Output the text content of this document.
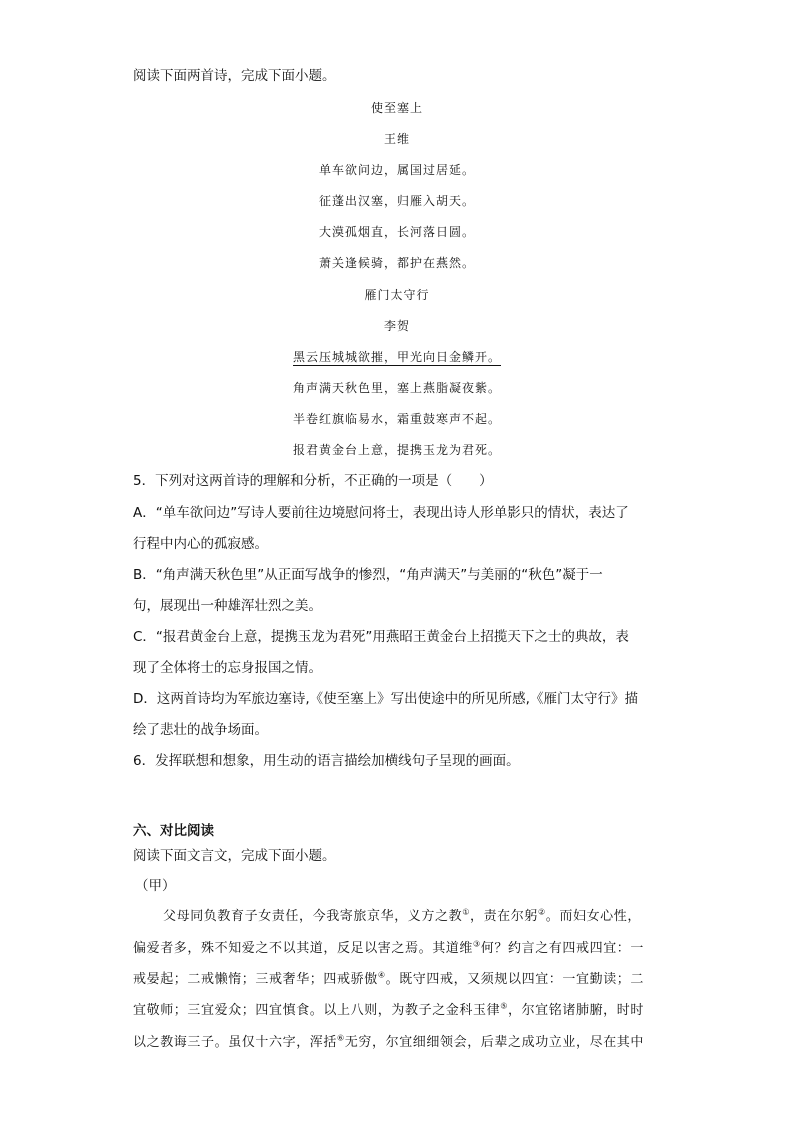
阅读下面两首诗，完成下面小题。
使至塞上
王维
单车欲问边，属国过居延。
征蓬出汉塞，归雁入胡天。
大漠孤烟直，长河落日圆。
萧关逢候骑，都护在燕然。
雁门太守行
李贺
黑云压城城欲摧，甲光向日金鳞开。
角声满天秋色里，塞上燕脂凝夜紫。
半卷红旗临易水，霜重鼓寒声不起。
报君黄金台上意，提携玉龙为君死。
5．下列对这两首诗的理解和分析，不正确的一项是（　　）
A．“单车欲问边”写诗人要前往边境慰问将士，表现出诗人形单影只的情状，表达了
行程中内心的孤寂感。
B．“角声满天秋色里”从正面写战争的惨烈，“角声满天”与美丽的“秋色”凝于一
句，展现出一种雄浑壮烈之美。
C．“报君黄金台上意，提携玉龙为君死”用燕昭王黄金台上招揽天下之士的典故，表
现了全体将士的忘身报国之情。
D．这两首诗均为军旅边塞诗,《使至塞上》写出使途中的所见所感,《雁门太守行》描
绘了悲壮的战争场面。
6．发挥联想和想象，用生动的语言描绘加横线句子呈现的画面。
六、对比阅读
阅读下面文言文，完成下面小题。
（甲）
父母同负教育子女责任，今我寄旅京华，义方之教①，责在尔躬②。而妇女心性，
偏爱者多，殊不知爱之不以其道，反足以害之焉。其道维③何？约言之有四戒四宜：一
戒晏起；二戒懒惰；三戒奢华；四戒骄傲④。既守四戒，又须规以四宜：一宜勤读；二
宜敬师；三宜爱众；四宜慎食。以上八则，为教子之金科玉律⑤，尔宜铭诸肺腑，时时
以之教诲三子。虽仅十六字，浑括⑥无穷，尔宜细细领会，后辈之成功立业，尽在其中
